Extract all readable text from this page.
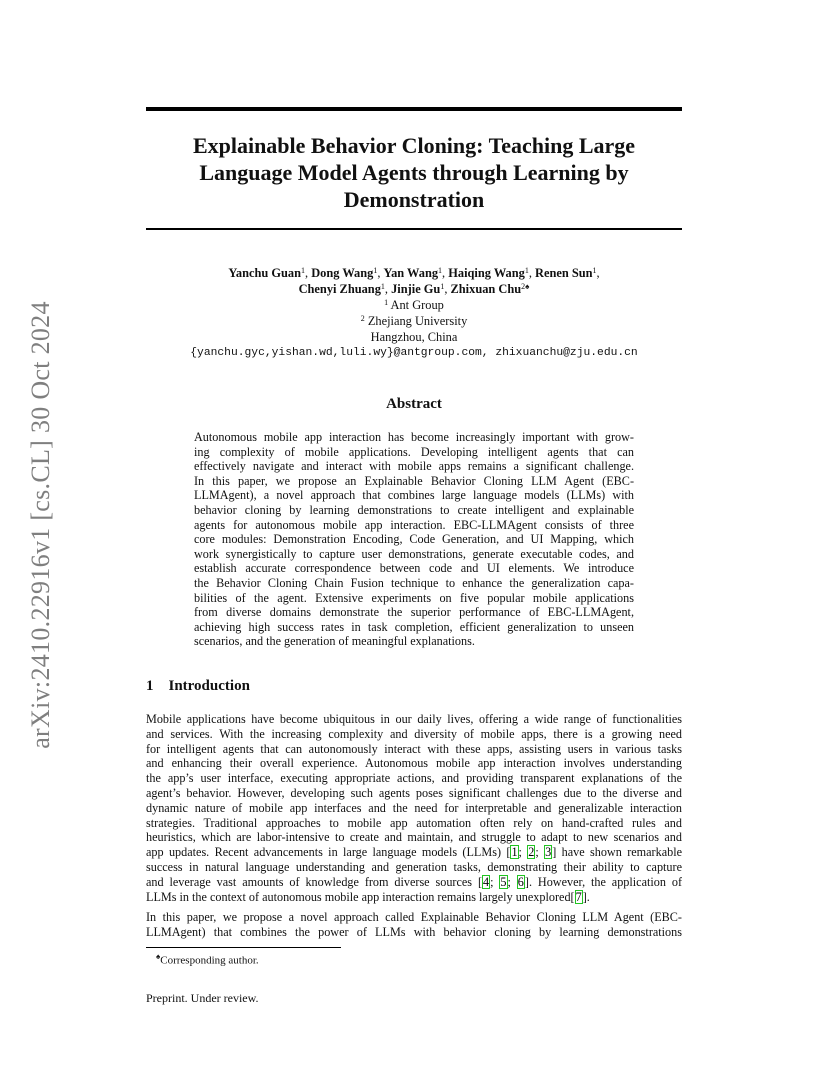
arXiv:2410.22916v1 [cs.CL] 30 Oct 2024
Explainable Behavior Cloning: Teaching Large
Language Model Agents through Learning by
Demonstration
Yanchu Guan$^1$, Dong Wang$^1$, Yan Wang$^1$, Haiqing Wang$^1$, Renen Sun$^1$,
Chenyi Zhuang$^1$, Jinjie Gu$^1$, Zhixuan Chu$^{2♠}$
$^1$ Ant Group
$^2$ Zhejiang University
Hangzhou, China
{yanchu.gyc,yishan.wd,luli.wy}@antgroup.com, zhixuanchu@zju.edu.cn
Abstract
Autonomous mobile app interaction has become increasingly important with grow-
ing complexity of mobile applications. Developing intelligent agents that can
effectively navigate and interact with mobile apps remains a significant challenge.
In this paper, we propose an Explainable Behavior Cloning LLM Agent (EBC-
LLMAgent), a novel approach that combines large language models (LLMs) with
behavior cloning by learning demonstrations to create intelligent and explainable
agents for autonomous mobile app interaction. EBC-LLMAgent consists of three
core modules: Demonstration Encoding, Code Generation, and UI Mapping, which
work synergistically to capture user demonstrations, generate executable codes, and
establish accurate correspondence between code and UI elements. We introduce
the Behavior Cloning Chain Fusion technique to enhance the generalization capa-
bilities of the agent. Extensive experiments on five popular mobile applications
from diverse domains demonstrate the superior performance of EBC-LLMAgent,
achieving high success rates in task completion, efficient generalization to unseen
scenarios, and the generation of meaningful explanations.
1 Introduction
Mobile applications have become ubiquitous in our daily lives, offering a wide range of functionalities
and services. With the increasing complexity and diversity of mobile apps, there is a growing need
for intelligent agents that can autonomously interact with these apps, assisting users in various tasks
and enhancing their overall experience. Autonomous mobile app interaction involves understanding
the app’s user interface, executing appropriate actions, and providing transparent explanations of the
agent’s behavior. However, developing such agents poses significant challenges due to the diverse and
dynamic nature of mobile app interfaces and the need for interpretable and generalizable interaction
strategies. Traditional approaches to mobile app automation often rely on hand-crafted rules and
heuristics, which are labor-intensive to create and maintain, and struggle to adapt to new scenarios and
app updates. Recent advancements in large language models (LLMs) [1; 2; 3] have shown remarkable
success in natural language understanding and generation tasks, demonstrating their ability to capture
and leverage vast amounts of knowledge from diverse sources [4; 5; 6]. However, the application of
LLMs in the context of autonomous mobile app interaction remains largely unexplored[7].
In this paper, we propose a novel approach called Explainable Behavior Cloning LLM Agent (EBC-
LLMAgent) that combines the power of LLMs with behavior cloning by learning demonstrations
♠Corresponding author.
Preprint. Under review.
